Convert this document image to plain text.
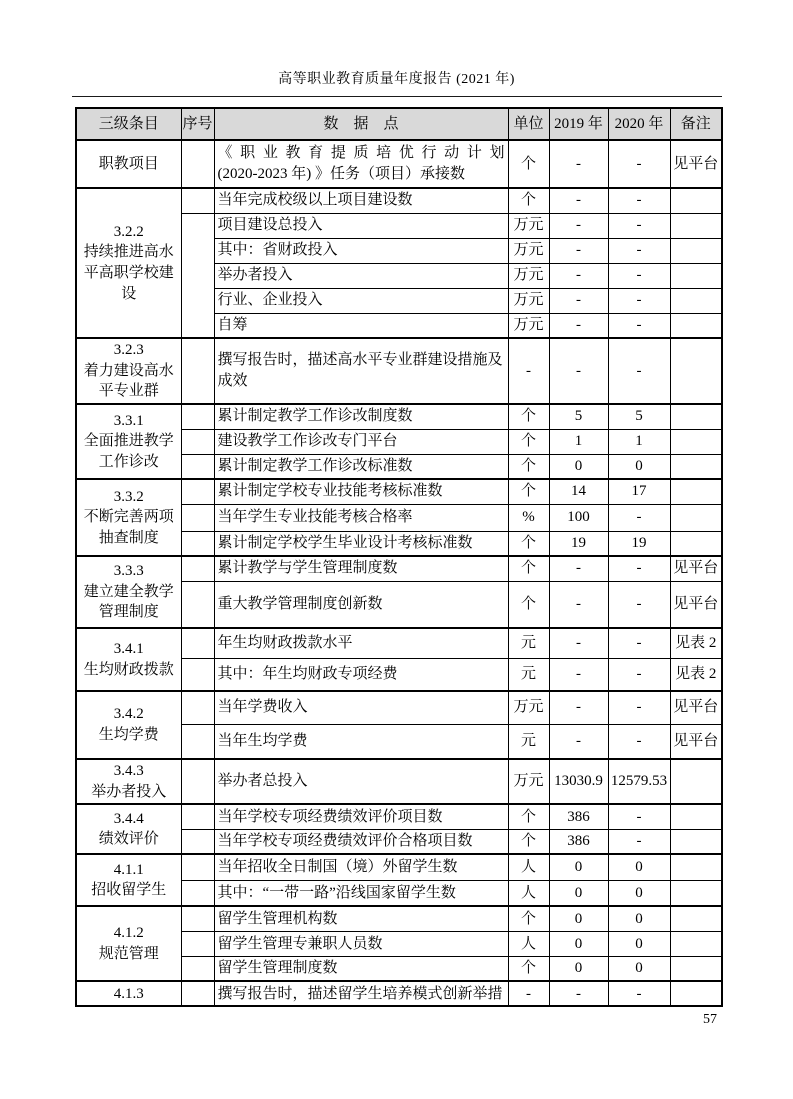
高等职业教育质量年度报告 (2021 年)
三级条目	序号	数　据　点	单位	2019 年	2020 年	备注

职教项目		《职业教育提质培优行动计划
(2020-2023 年) 》任务（项目）承接数	个	-	-	见平台

3.2.2
持续推进高水平高职学校建设		当年完成校级以上项目建设数	个	-	-	
		项目建设总投入	万元	-	-	
		其中：省财政投入	万元	-	-	
		举办者投入	万元	-	-	
		行业、企业投入	万元	-	-	
		自筹	万元	-	-	

3.2.3
着力建设高水平专业群		撰写报告时，描述高水平专业群建设措施及成效	-	-	-	

3.3.1
全面推进教学工作诊改		累计制定教学工作诊改制度数	个	5	5	
		建设教学工作诊改专门平台	个	1	1	
		累计制定教学工作诊改标准数	个	0	0	

3.3.2
不断完善两项抽查制度		累计制定学校专业技能考核标准数	个	14	17	
		当年学生专业技能考核合格率	%	100	-	
		累计制定学校学生毕业设计考核标准数	个	19	19	

3.3.3
建立建全教学管理制度		累计教学与学生管理制度数	个	-	-	见平台
		重大教学管理制度创新数	个	-	-	见平台

3.4.1
生均财政拨款		年生均财政拨款水平	元	-	-	见表 2
		其中：年生均财政专项经费	元	-	-	见表 2

3.4.2
生均学费		当年学费收入	万元	-	-	见平台
		当年生均学费	元	-	-	见平台

3.4.3
举办者投入		举办者总投入	万元	13030.9	12579.53	

3.4.4
绩效评价		当年学校专项经费绩效评价项目数	个	386	-	
		当年学校专项经费绩效评价合格项目数	个	386	-	

4.1.1
招收留学生		当年招收全日制国（境）外留学生数	人	0	0	
		其中：“一带一路”沿线国家留学生数	人	0	0	

4.1.2
规范管理		留学生管理机构数	个	0	0	
		留学生管理专兼职人员数	人	0	0	
		留学生管理制度数	个	0	0	

4.1.3		撰写报告时，描述留学生培养模式创新举措	-	-	-	
57
